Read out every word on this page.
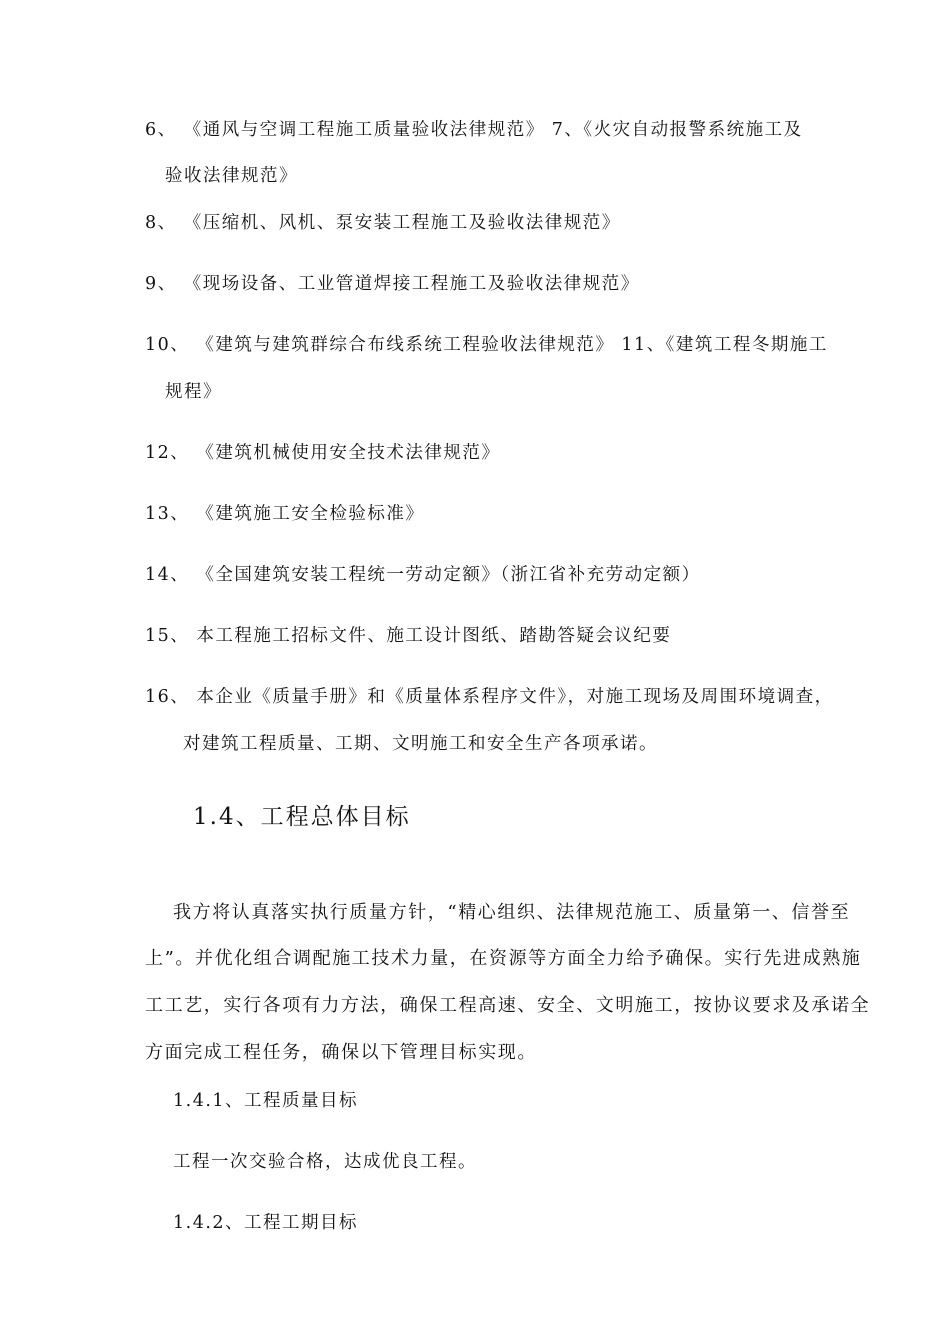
6、 《通风与空调工程施工质量验收法律规范》 7、《火灾自动报警系统施工及
验收法律规范》
8、 《压缩机、风机、泵安装工程施工及验收法律规范》
9、 《现场设备、工业管道焊接工程施工及验收法律规范》
10、 《建筑与建筑群综合布线系统工程验收法律规范》 11、《建筑工程冬期施工
规程》
12、 《建筑机械使用安全技术法律规范》
13、 《建筑施工安全检验标准》
14、 《全国建筑安装工程统一劳动定额》（浙江省补充劳动定额）
15、 本工程施工招标文件、施工设计图纸、踏勘答疑会议纪要
16、 本企业《质量手册》和《质量体系程序文件》，对施工现场及周围环境调查，
对建筑工程质量、工期、文明施工和安全生产各项承诺。
1.4、工程总体目标
我方将认真落实执行质量方针，“精心组织、法律规范施工、质量第一、信誉至
上”。并优化组合调配施工技术力量，在资源等方面全力给予确保。实行先进成熟施
工工艺，实行各项有力方法，确保工程高速、安全、文明施工，按协议要求及承诺全
方面完成工程任务，确保以下管理目标实现。
1.4.1、工程质量目标
工程一次交验合格，达成优良工程。
1.4.2、工程工期目标
